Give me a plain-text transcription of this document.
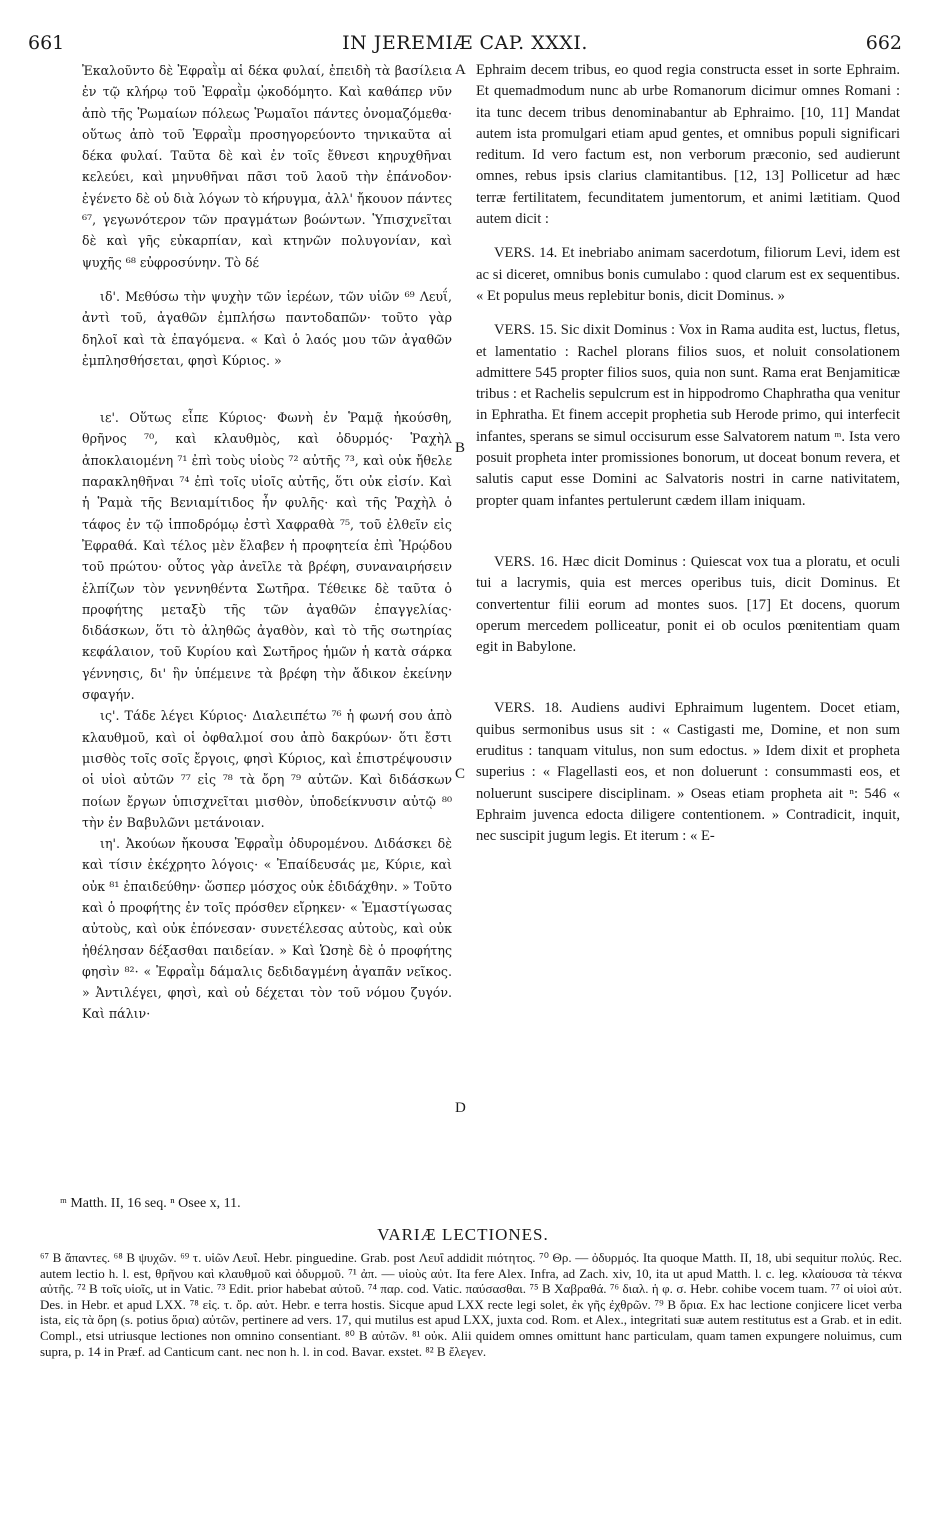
661	IN JEREMIÆ CAP. XXXI.	662

Ἐκαλοῦντο δὲ Ἐφραῒμ αἱ δέκα φυλαί, ἐπειδὴ τὰ βασίλεια ἐν τῷ κλήρῳ τοῦ Ἐφραῒμ ᾠκοδόμητο. Καὶ καθάπερ νῦν ἀπὸ τῆς Ῥωμαίων πόλεως Ῥωμαῖοι πάντες ὀνομαζόμεθα· οὕτως ἀπὸ τοῦ Ἐφραῒμ προσηγορεύοντο τηνικαῦτα αἱ δέκα φυλαί. Ταῦτα δὲ καὶ ἐν τοῖς ἔθνεσι κηρυχθῆναι κελεύει, καὶ μηνυθῆναι πᾶσι τοῦ λαοῦ τὴν ἐπάνοδον· ἐγένετο δὲ οὐ διὰ λόγων τὸ κήρυγμα, ἀλλ' ἤκουον πάντες ⁶⁷, γεγωνότερον τῶν πραγμάτων βοώντων. Ὑπισχνεῖται δὲ καὶ γῆς εὐκαρπίαν, καὶ κτηνῶν πολυγονίαν, καὶ ψυχῆς ⁶⁸ εὐφροσύνην. Τὸ δέ

ιδ'. Μεθύσω τὴν ψυχὴν τῶν ἱερέων, τῶν υἱῶν ⁶⁹ Λευΐ, ἀντὶ τοῦ, ἀγαθῶν ἐμπλήσω παντοδαπῶν· τοῦτο γὰρ δηλοῖ καὶ τὰ ἐπαγόμενα. « Καὶ ὁ λαός μου τῶν ἀγαθῶν ἐμπλησθήσεται, φησὶ Κύριος. »

ιε'. Οὕτως εἶπε Κύριος· Φωνὴ ἐν Ῥαμᾷ ἠκούσθη, θρῆνος ⁷⁰, καὶ κλαυθμὸς, καὶ ὀδυρμός· Ῥαχὴλ ἀποκλαιομένη ⁷¹ ἐπὶ τοὺς υἱοὺς ⁷² αὐτῆς ⁷³, καὶ οὐκ ἤθελε παρακληθῆναι ⁷⁴ ἐπὶ τοῖς υἱοῖς αὐτῆς, ὅτι οὐκ εἰσίν. Καὶ ἡ Ῥαμὰ τῆς Βενιαμίτιδος ἦν φυλῆς· καὶ τῆς Ῥαχὴλ ὁ τάφος ἐν τῷ ἱπποδρόμῳ ἐστὶ Χαφραθὰ ⁷⁵, τοῦ ἐλθεῖν εἰς Ἐφραθά. Καὶ τέλος μὲν ἔλαβεν ἡ προφητεία ἐπὶ Ἡρῴδου τοῦ πρώτου· οὗτος γὰρ ἀνεῖλε τὰ βρέφη, συναναιρήσειν ἐλπίζων τὸν γεννηθέντα Σωτῆρα. Τέθεικε δὲ ταῦτα ὁ προφήτης μεταξὺ τῆς τῶν ἀγαθῶν ἐπαγγελίας· διδάσκων, ὅτι τὸ ἀληθῶς ἀγαθὸν, καὶ τὸ τῆς σωτηρίας κεφάλαιον, τοῦ Κυρίου καὶ Σωτῆρος ἡμῶν ἡ κατὰ σάρκα γέννησις, δι' ἣν ὑπέμεινε τὰ βρέφη τὴν ἄδικον ἐκείνην σφαγήν.

ις'. Τάδε λέγει Κύριος· Διαλειπέτω ⁷⁶ ἡ φωνή σου ἀπὸ κλαυθμοῦ, καὶ οἱ ὀφθαλμοί σου ἀπὸ δακρύων· ὅτι ἔστι μισθὸς τοῖς σοῖς ἔργοις, φησὶ Κύριος, καὶ ἐπιστρέψουσιν οἱ υἱοὶ αὐτῶν ⁷⁷ εἰς ⁷⁸ τὰ ὄρη ⁷⁹ αὐτῶν. Καὶ διδάσκων ποίων ἔργων ὑπισχνεῖται μισθὸν, ὑποδείκνυσιν αὐτῷ ⁸⁰ τὴν ἐν Βαβυλῶνι μετάνοιαν.

ιη'. Ἀκούων ἤκουσα Ἐφραῒμ ὀδυρομένου. Διδάσκει δὲ καὶ τίσιν ἐκέχρητο λόγοις· « Ἐπαίδευσάς με, Κύριε, καὶ οὐκ ⁸¹ ἐπαιδεύθην· ὥσπερ μόσχος οὐκ ἐδιδάχθην. » Τοῦτο καὶ ὁ προφήτης ἐν τοῖς πρόσθεν εἴρηκεν· « Ἐμαστίγωσας αὐτοὺς, καὶ οὐκ ἐπόνεσαν· συνετέλεσας αὐτοὺς, καὶ οὐκ ἠθέλησαν δέξασθαι παιδείαν. » Καὶ Ὡσηὲ δὲ ὁ προφήτης φησὶν ⁸²· « Ἐφραῒμ δάμαλις δεδιδαγμένη ἀγαπᾶν νεῖκος. » Ἀντιλέγει, φησὶ, καὶ οὐ δέχεται τὸν τοῦ νόμου ζυγόν. Καὶ πάλιν·

A
B
C
D

Ephraim decem tribus, eo quod regia constructa esset in sorte Ephraim. Et quemadmodum nunc ab urbe Romanorum dicimur omnes Romani : ita tunc decem tribus denominabantur ab Ephraimo. [10, 11] Mandat autem ista promulgari etiam apud gentes, et omnibus populi significari reditum. Id vero factum est, non verborum præconio, sed audierunt omnes, rebus ipsis clarius clamitantibus. [12, 13] Pollicetur ad hæc terræ fertilitatem, fecunditatem jumentorum, et animi lætitiam. Quod autem dicit :

VERS. 14. Et inebriabo animam sacerdotum, filiorum Levi, idem est ac si diceret, omnibus bonis cumulabo : quod clarum est ex sequentibus. « Et populus meus replebitur bonis, dicit Dominus. »

VERS. 15. Sic dixit Dominus : Vox in Rama audita est, luctus, fletus, et lamentatio : Rachel plorans filios suos, et noluit consolationem admittere 545 propter filios suos, quia non sunt. Rama erat Benjamiticæ tribus : et Rachelis sepulcrum est in hippodromo Chaphratha qua venitur in Ephratha. Et finem accepit prophetia sub Herode primo, qui interfecit infantes, sperans se simul occisurum esse Salvatorem natum ᵐ. Ista vero posuit propheta inter promissiones bonorum, ut doceat bonum revera, et salutis caput esse Domini ac Salvatoris nostri in carne nativitatem, propter quam infantes pertulerunt cædem illam iniquam.

VERS. 16. Hæc dicit Dominus : Quiescat vox tua a ploratu, et oculi tui a lacrymis, quia est merces operibus tuis, dicit Dominus. Et convertentur filii eorum ad montes suos. [17] Et docens, quorum operum mercedem polliceatur, ponit ei ob oculos pœnitentiam quam egit in Babylone.

VERS. 18. Audiens audivi Ephraimum lugentem. Docet etiam, quibus sermonibus usus sit : « Castigasti me, Domine, et non sum eruditus : tanquam vitulus, non sum edoctus. » Idem dixit et propheta superius : « Flagellasti eos, et non doluerunt : consummasti eos, et noluerunt suscipere disciplinam. » Oseas etiam propheta ait ⁿ: 546 « Ephraim juvenca edocta diligere contentionem. » Contradicit, inquit, nec suscipit jugum legis. Et iterum : « E-

ᵐ Matth. II, 16 seq. ⁿ Osee x, 11.
VARIÆ LECTIONES.
⁶⁷ B ἅπαντες. ⁶⁸ B ψυχῶν. ⁶⁹ τ. υἱῶν Λευΐ. Hebr. pinguedine. Grab. post Λευΐ addidit πιότητος. ⁷⁰ Θρ. — ὀδυρμός. Ita quoque Matth. II, 18, ubi sequitur πολύς. Rec. autem lectio h. l. est, θρῆνου καὶ κλαυθμοῦ καὶ ὀδυρμοῦ. ⁷¹ ἀπ. — υἱοὺς αὐτ. Ita fere Alex. Infra, ad Zach. xiv, 10, ita ut apud Matth. l. c. leg. κλαίουσα τὰ τέκνα αὐτῆς. ⁷² B τοῖς υἱοῖς, ut in Vatic. ⁷³ Edit. prior habebat αὐτοῦ. ⁷⁴ παρ. cod. Vatic. παύσασθαι. ⁷⁵ B Χαβραθά. ⁷⁶ διαλ. ἡ φ. σ. Hebr. cohibe vocem tuam. ⁷⁷ οἱ υἱοὶ αὐτ. Des. in Hebr. et apud LXX. ⁷⁸ εἰς. τ. ὄρ. αὐτ. Hebr. e terra hostis. Sicque apud LXX recte legi solet, ἐκ γῆς ἐχθρῶν. ⁷⁹ B ὅρια. Ex hac lectione conjicere licet verba ista, εἰς τὰ ὄρη (s. potius ὅρια) αὐτῶν, pertinere ad vers. 17, qui mutilus est apud LXX, juxta cod. Rom. et Alex., integritati suæ autem restitutus est a Grab. et in edit. Compl., etsi utriusque lectiones non omnino consentiant. ⁸⁰ B αὐτῶν. ⁸¹ οὐκ. Alii quidem omnes omittunt hanc particulam, quam tamen expungere noluimus, cum supra, p. 14 in Præf. ad Canticum cant. nec non h. l. in cod. Bavar. exstet. ⁸² B ἔλεγεν.
